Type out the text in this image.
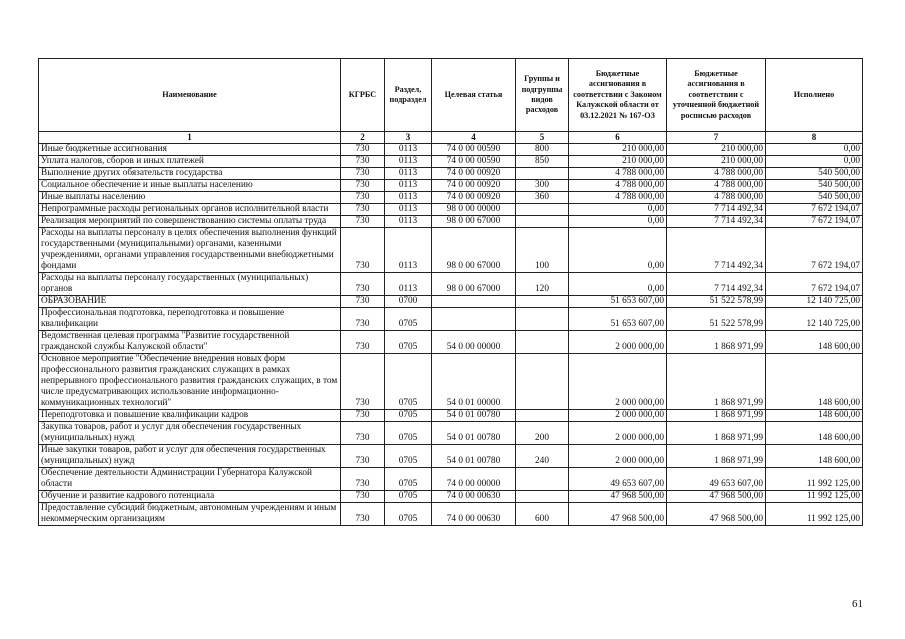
Наименование	КГРБС	Раздел, подраздел	Целевая статья	Группы и подгруппы видов расходов	Бюджетные ассигнования в соответствии с Законом Калужской области от 03.12.2021 № 167-ОЗ	Бюджетные ассигнования в соответствии с уточненной бюджетной росписью расходов	Исполнено
1	2	3	4	5	6	7	8
Иные бюджетные ассигнования	730	0113	74 0 00 00590	800	210 000,00	210 000,00	0,00
Уплата налогов, сборов и иных платежей	730	0113	74 0 00 00590	850	210 000,00	210 000,00	0,00
Выполнение других обязательств государства	730	0113	74 0 00 00920		4 788 000,00	4 788 000,00	540 500,00
Социальное обеспечение и иные выплаты населению	730	0113	74 0 00 00920	300	4 788 000,00	4 788 000,00	540 500,00
Иные выплаты населению	730	0113	74 0 00 00920	360	4 788 000,00	4 788 000,00	540 500,00
Непрограммные расходы региональных органов исполнительной власти	730	0113	98 0 00 00000		0,00	7 714 492,34	7 672 194,07
Реализация мероприятий по совершенствованию системы оплаты труда	730	0113	98 0 00 67000		0,00	7 714 492,34	7 672 194,07
Расходы на выплаты персоналу в целях обеспечения выполнения функций государственными (муниципальными) органами, казенными учреждениями, органами управления государственными внебюджетными фондами	730	0113	98 0 00 67000	100	0,00	7 714 492,34	7 672 194,07
Расходы на выплаты персоналу государственных (муниципальных) органов	730	0113	98 0 00 67000	120	0,00	7 714 492,34	7 672 194,07
ОБРАЗОВАНИЕ	730	0700			51 653 607,00	51 522 578,99	12 140 725,00
Профессиональная подготовка, переподготовка и повышение квалификации	730	0705			51 653 607,00	51 522 578,99	12 140 725,00
Ведомственная целевая программа "Развитие государственной гражданской службы Калужской области"	730	0705	54 0 00 00000		2 000 000,00	1 868 971,99	148 600,00
Основное мероприятие "Обеспечение внедрения новых форм профессионального развития гражданских служащих в рамках непрерывного профессионального развития гражданских служащих, в том числе предусматривающих использование информационно-коммуникационных технологий"	730	0705	54 0 01 00000		2 000 000,00	1 868 971,99	148 600,00
Переподготовка и повышение квалификации кадров	730	0705	54 0 01 00780		2 000 000,00	1 868 971,99	148 600,00
Закупка товаров, работ и услуг для обеспечения государственных (муниципальных) нужд	730	0705	54 0 01 00780	200	2 000 000,00	1 868 971,99	148 600,00
Иные закупки товаров, работ и услуг для обеспечения государственных (муниципальных) нужд	730	0705	54 0 01 00780	240	2 000 000,00	1 868 971,99	148 600,00
Обеспечение деятельности Администрации Губернатора Калужской области	730	0705	74 0 00 00000		49 653 607,00	49 653 607,00	11 992 125,00
Обучение и развитие кадрового потенциала	730	0705	74 0 00 00630		47 968 500,00	47 968 500,00	11 992 125,00
Предоставление субсидий бюджетным, автономным учреждениям и иным некоммерческим организациям	730	0705	74 0 00 00630	600	47 968 500,00	47 968 500,00	11 992 125,00
61
